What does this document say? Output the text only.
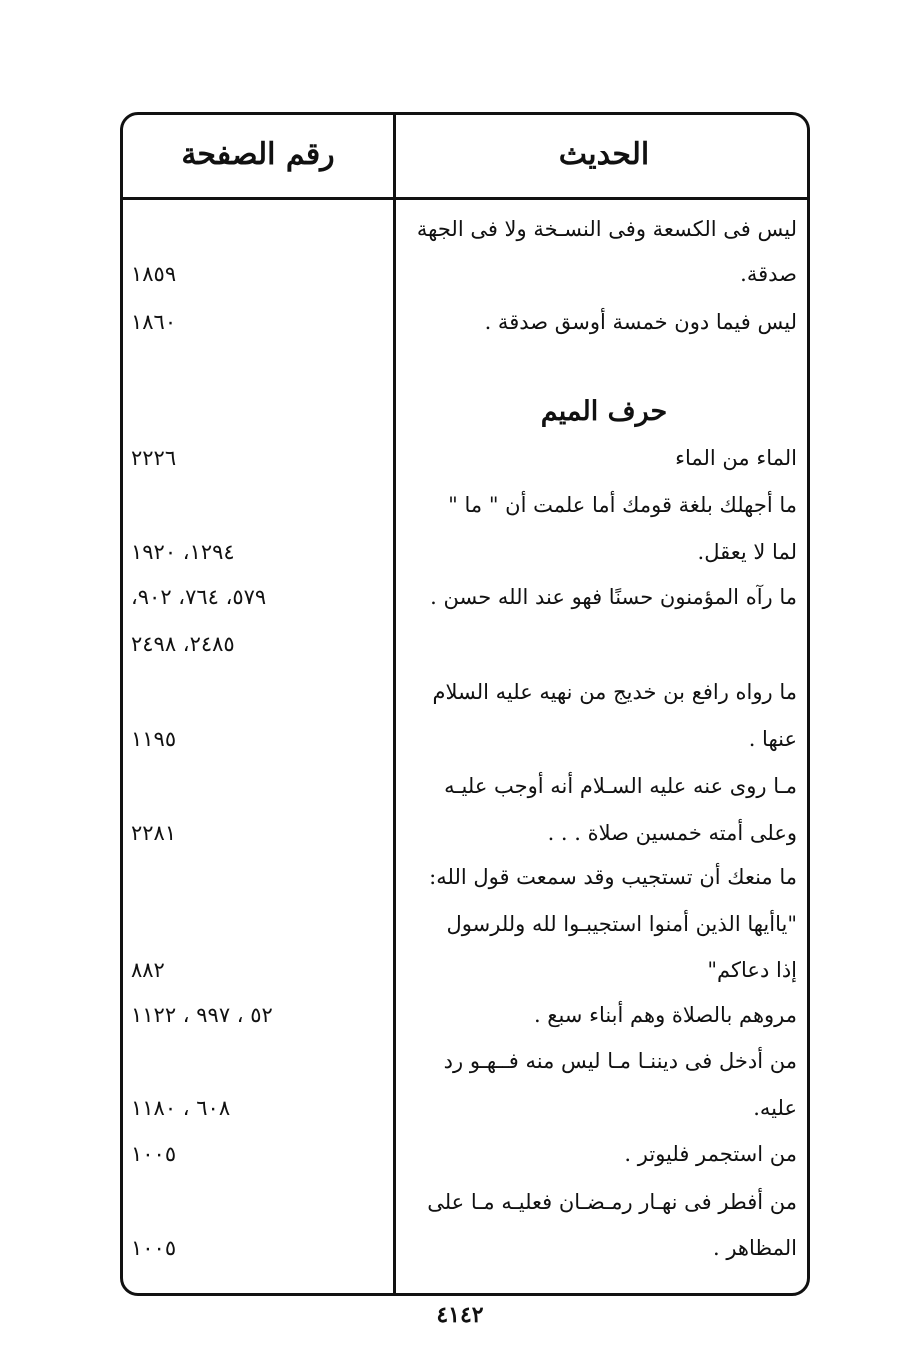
الحديث
رقم الصفحة
ليس فى الكسعة وفى النسـخة ولا فى الجهة
صدقة.
١٨٥٩
ليس فيما دون خمسة أوسق صدقة .
١٨٦٠
حرف الميم
الماء من الماء
٢٢٢٦
ما أجهلك بلغة قومك أما علمت أن " ما "
لما لا يعقل.
١٢٩٤، ١٩٢٠
ما رآه المؤمنون حسنًا فهو عند الله حسن .
٥٧٩، ٧٦٤، ٩٠٢،
٢٤٨٥، ٢٤٩٨
ما رواه رافع بن خديج من نهيه عليه السلام
عنها .
١١٩٥
مـا روى عنه عليه السـلام أنه أوجب عليـه
وعلى أمته خمسين صلاة . . .
٢٢٨١
ما منعك أن تستجيب وقد سمعت قول الله:
"ياأيها الذين أمنوا استجيبـوا لله وللرسول
إذا دعاكم"
٨٨٢
مروهم بالصلاة وهم أبناء سبع .
٥٢ ، ٩٩٧ ، ١١٢٢
من أدخل فى ديننـا مـا ليس منه فــهـو رد
عليه.
٦٠٨ ، ١١٨٠
من استجمر فليوتر .
١٠٠٥
من أفطر فى نهـار رمـضـان فعليـه مـا على
المظاهر .
١٠٠٥
٤١٤٢
